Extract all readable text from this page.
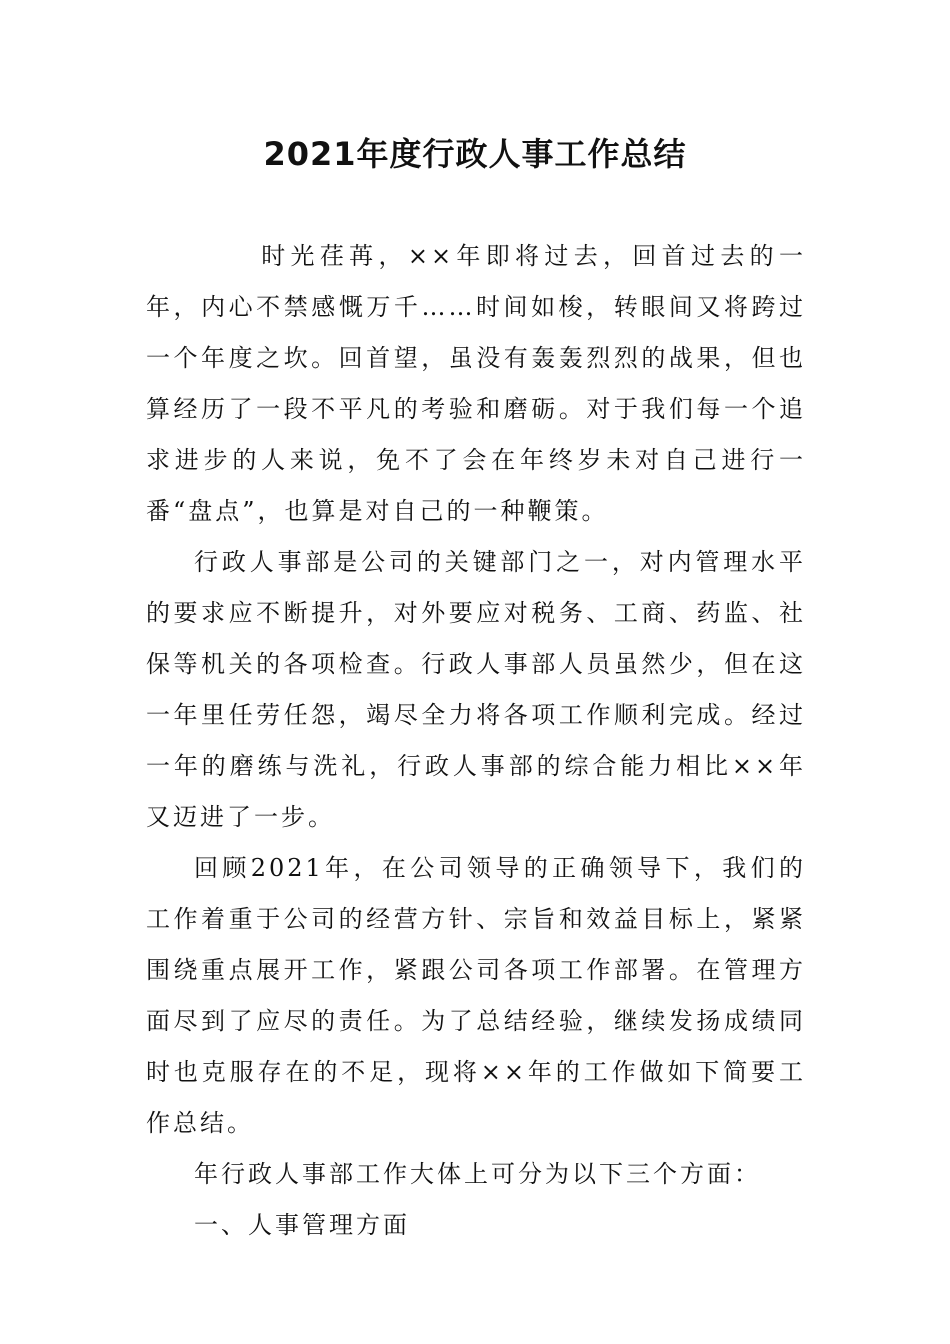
2021年度行政人事工作总结

时光荏苒，××年即将过去，回首过去的一年，内心不禁感慨万千……时间如梭，转眼间又将跨过一个年度之坎。回首望，虽没有轰轰烈烈的战果，但也算经历了一段不平凡的考验和磨砺。对于我们每一个追求进步的人来说，免不了会在年终岁未对自己进行一番“盘点”，也算是对自己的一种鞭策。

行政人事部是公司的关键部门之一，对内管理水平的要求应不断提升，对外要应对税务、工商、药监、社保等机关的各项检查。行政人事部人员虽然少，但在这一年里任劳任怨，竭尽全力将各项工作顺利完成。经过一年的磨练与洗礼，行政人事部的综合能力相比××年又迈进了一步。

回顾2021年，在公司领导的正确领导下，我们的工作着重于公司的经营方针、宗旨和效益目标上，紧紧围绕重点展开工作，紧跟公司各项工作部署。在管理方面尽到了应尽的责任。为了总结经验，继续发扬成绩同时也克服存在的不足，现将××年的工作做如下简要工作总结。

年行政人事部工作大体上可分为以下三个方面：

一、人事管理方面
